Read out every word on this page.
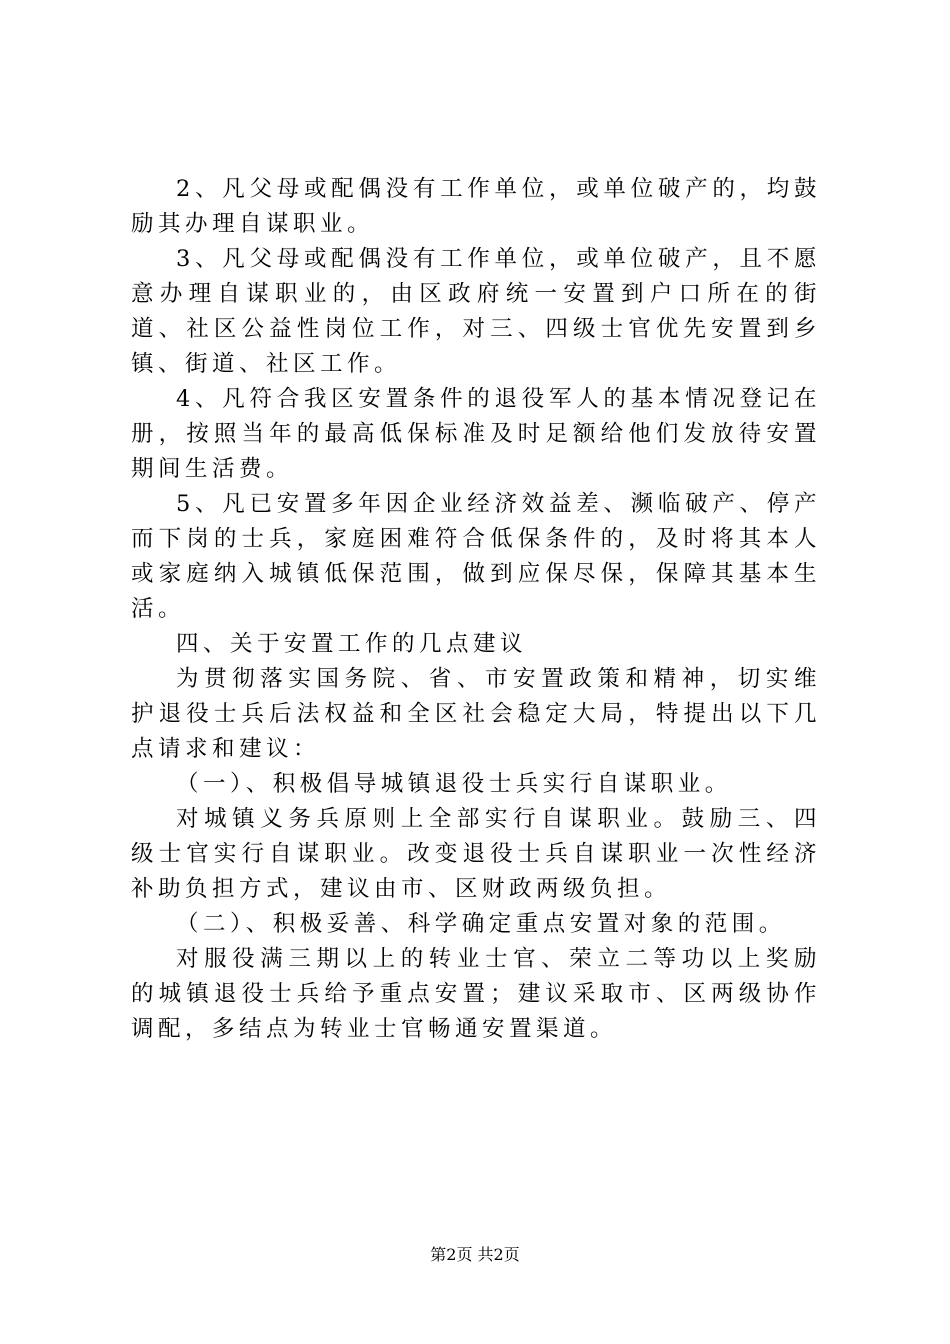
2、凡父母或配偶没有工作单位，或单位破产的，均鼓励其办理自谋职业。

3、凡父母或配偶没有工作单位，或单位破产，且不愿意办理自谋职业的，由区政府统一安置到户口所在的街道、社区公益性岗位工作，对三、四级士官优先安置到乡镇、街道、社区工作。

4、凡符合我区安置条件的退役军人的基本情况登记在册，按照当年的最高低保标准及时足额给他们发放待安置期间生活费。

5、凡已安置多年因企业经济效益差、濒临破产、停产而下岗的士兵，家庭困难符合低保条件的，及时将其本人或家庭纳入城镇低保范围，做到应保尽保，保障其基本生活。

四、关于安置工作的几点建议

为贯彻落实国务院、省、市安置政策和精神，切实维护退役士兵后法权益和全区社会稳定大局，特提出以下几点请求和建议：

（一）、积极倡导城镇退役士兵实行自谋职业。

对城镇义务兵原则上全部实行自谋职业。鼓励三、四级士官实行自谋职业。改变退役士兵自谋职业一次性经济补助负担方式，建议由市、区财政两级负担。

（二）、积极妥善、科学确定重点安置对象的范围。

对服役满三期以上的转业士官、荣立二等功以上奖励的城镇退役士兵给予重点安置；建议采取市、区两级协作调配，多结点为转业士官畅通安置渠道。

第2页 共2页
